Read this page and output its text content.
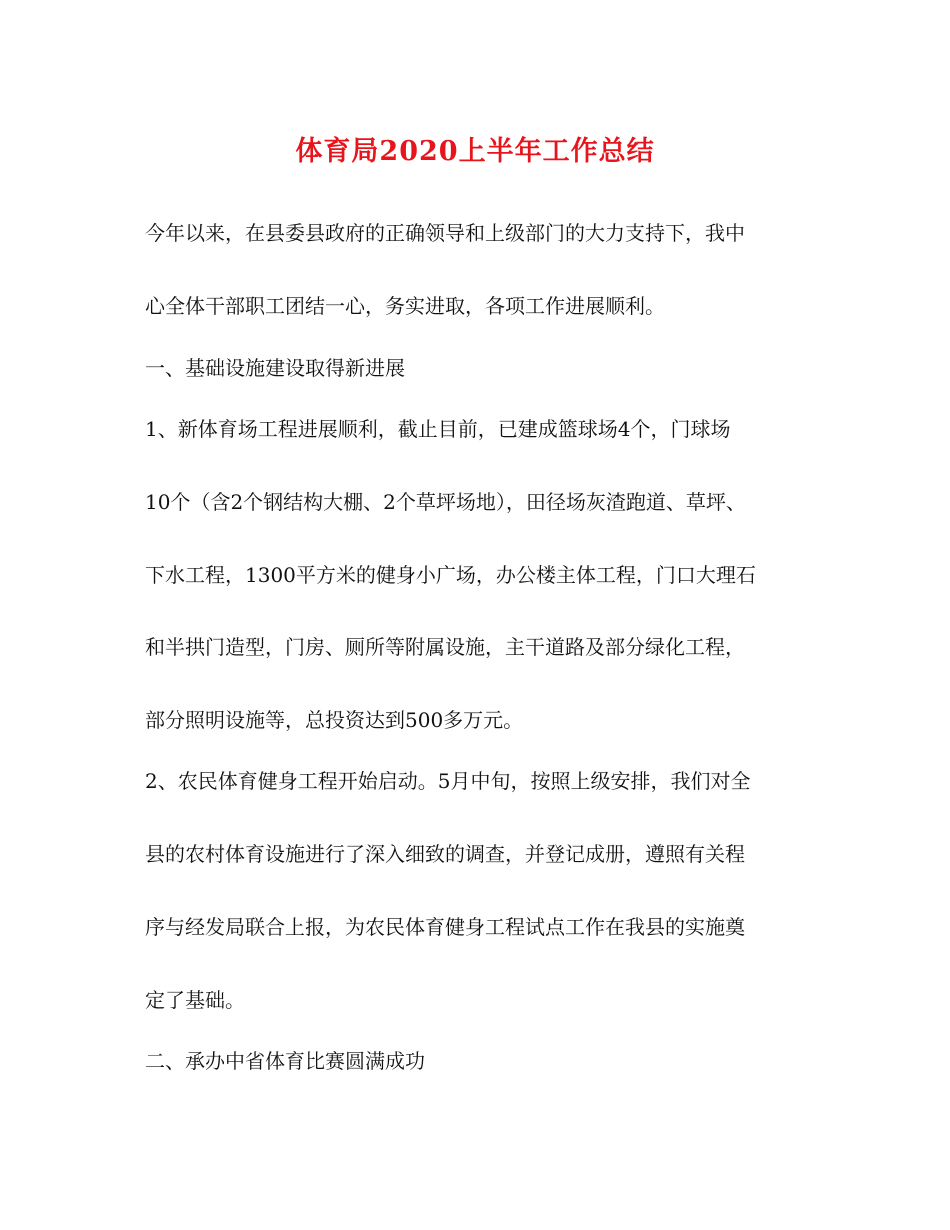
体育局2020上半年工作总结
今年以来，在县委县政府的正确领导和上级部门的大力支持下，我中
心全体干部职工团结一心，务实进取，各项工作进展顺利。
一、基础设施建设取得新进展
1、新体育场工程进展顺利，截止目前，已建成篮球场4个，门球场
10个（含2个钢结构大棚、2个草坪场地），田径场灰渣跑道、草坪、
下水工程，1300平方米的健身小广场，办公楼主体工程，门口大理石
和半拱门造型，门房、厕所等附属设施，主干道路及部分绿化工程，
部分照明设施等，总投资达到500多万元。
2、农民体育健身工程开始启动。5月中旬，按照上级安排，我们对全
县的农村体育设施进行了深入细致的调查，并登记成册，遵照有关程
序与经发局联合上报，为农民体育健身工程试点工作在我县的实施奠
定了基础。
二、承办中省体育比赛圆满成功
